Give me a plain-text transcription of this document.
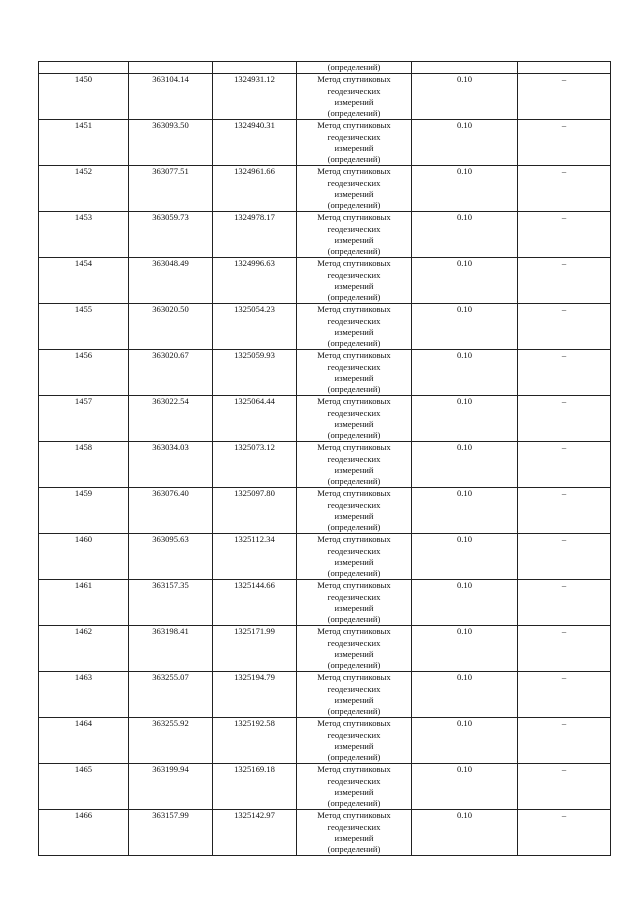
			(определений)		
1450	363104.14	1324931.12	Метод спутниковых
геодезических
измерений
(определений)	0.10	–
1451	363093.50	1324940.31	Метод спутниковых
геодезических
измерений
(определений)	0.10	–
1452	363077.51	1324961.66	Метод спутниковых
геодезических
измерений
(определений)	0.10	–
1453	363059.73	1324978.17	Метод спутниковых
геодезических
измерений
(определений)	0.10	–
1454	363048.49	1324996.63	Метод спутниковых
геодезических
измерений
(определений)	0.10	–
1455	363020.50	1325054.23	Метод спутниковых
геодезических
измерений
(определений)	0.10	–
1456	363020.67	1325059.93	Метод спутниковых
геодезических
измерений
(определений)	0.10	–
1457	363022.54	1325064.44	Метод спутниковых
геодезических
измерений
(определений)	0.10	–
1458	363034.03	1325073.12	Метод спутниковых
геодезических
измерений
(определений)	0.10	–
1459	363076.40	1325097.80	Метод спутниковых
геодезических
измерений
(определений)	0.10	–
1460	363095.63	1325112.34	Метод спутниковых
геодезических
измерений
(определений)	0.10	–
1461	363157.35	1325144.66	Метод спутниковых
геодезических
измерений
(определений)	0.10	–
1462	363198.41	1325171.99	Метод спутниковых
геодезических
измерений
(определений)	0.10	–
1463	363255.07	1325194.79	Метод спутниковых
геодезических
измерений
(определений)	0.10	–
1464	363255.92	1325192.58	Метод спутниковых
геодезических
измерений
(определений)	0.10	–
1465	363199.94	1325169.18	Метод спутниковых
геодезических
измерений
(определений)	0.10	–
1466	363157.99	1325142.97	Метод спутниковых
геодезических
измерений
(определений)	0.10	–
